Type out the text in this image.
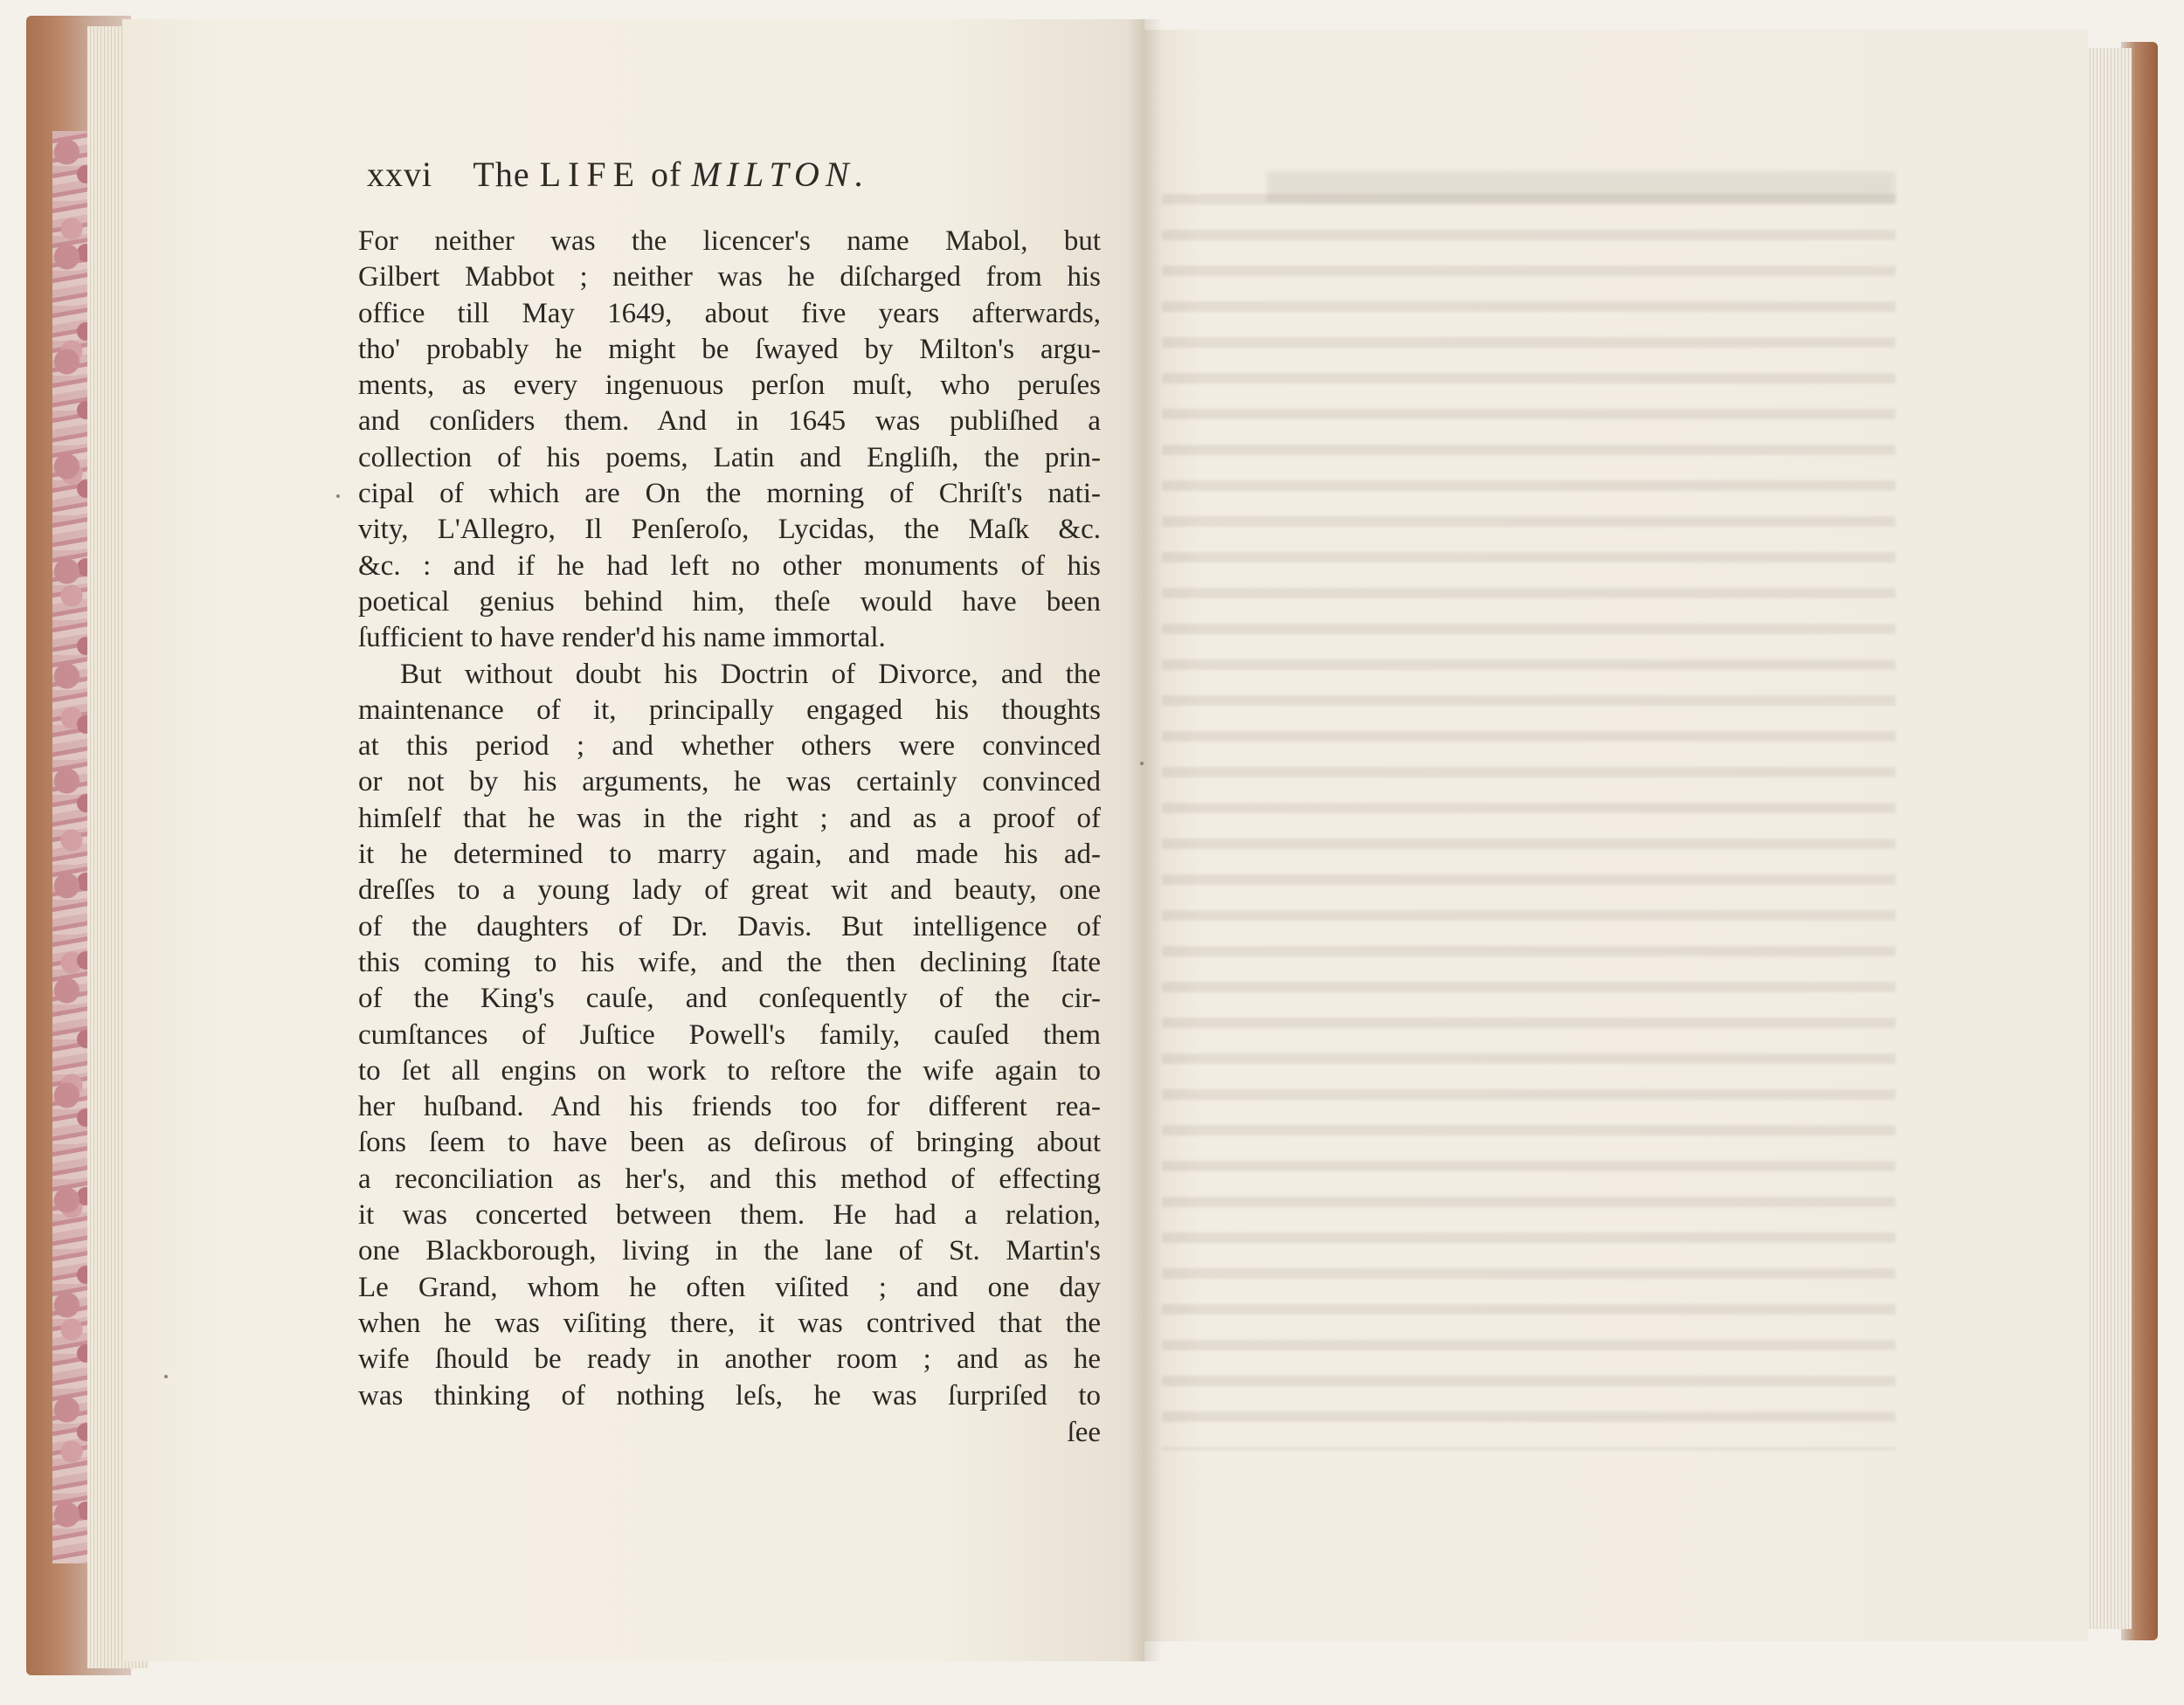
xxvi The LIFE of MILTON.
For neither was the licencer's name Mabol, but
Gilbert Mabbot ; neither was he diſcharged from his
office till May 1649, about five years afterwards,
tho' probably he might be ſwayed by Milton's argu-
ments, as every ingenuous perſon muſt, who peruſes
and conſiders them. And in 1645 was publiſhed a
collection of his poems, Latin and Engliſh, the prin-
cipal of which are On the morning of Chriſt's nati-
vity, L'Allegro, Il Penſeroſo, Lycidas, the Maſk &c.
&c. : and if he had left no other monuments of his
poetical genius behind him, theſe would have been
ſufficient to have render'd his name immortal.
But without doubt his Doctrin of Divorce, and the
maintenance of it, principally engaged his thoughts
at this period ; and whether others were convinced
or not by his arguments, he was certainly convinced
himſelf that he was in the right ; and as a proof of
it he determined to marry again, and made his ad-
dreſſes to a young lady of great wit and beauty, one
of the daughters of Dr. Davis. But intelligence of
this coming to his wife, and the then declining ſtate
of the King's cauſe, and conſequently of the cir-
cumſtances of Juſtice Powell's family, cauſed them
to ſet all engins on work to reſtore the wife again to
her huſband. And his friends too for different rea-
ſons ſeem to have been as deſirous of bringing about
a reconciliation as her's, and this method of effecting
it was concerted between them. He had a relation,
one Blackborough, living in the lane of St. Martin's
Le Grand, whom he often viſited ; and one day
when he was viſiting there, it was contrived that the
wife ſhould be ready in another room ; and as he
was thinking of nothing leſs, he was ſurpriſed to
ſee
